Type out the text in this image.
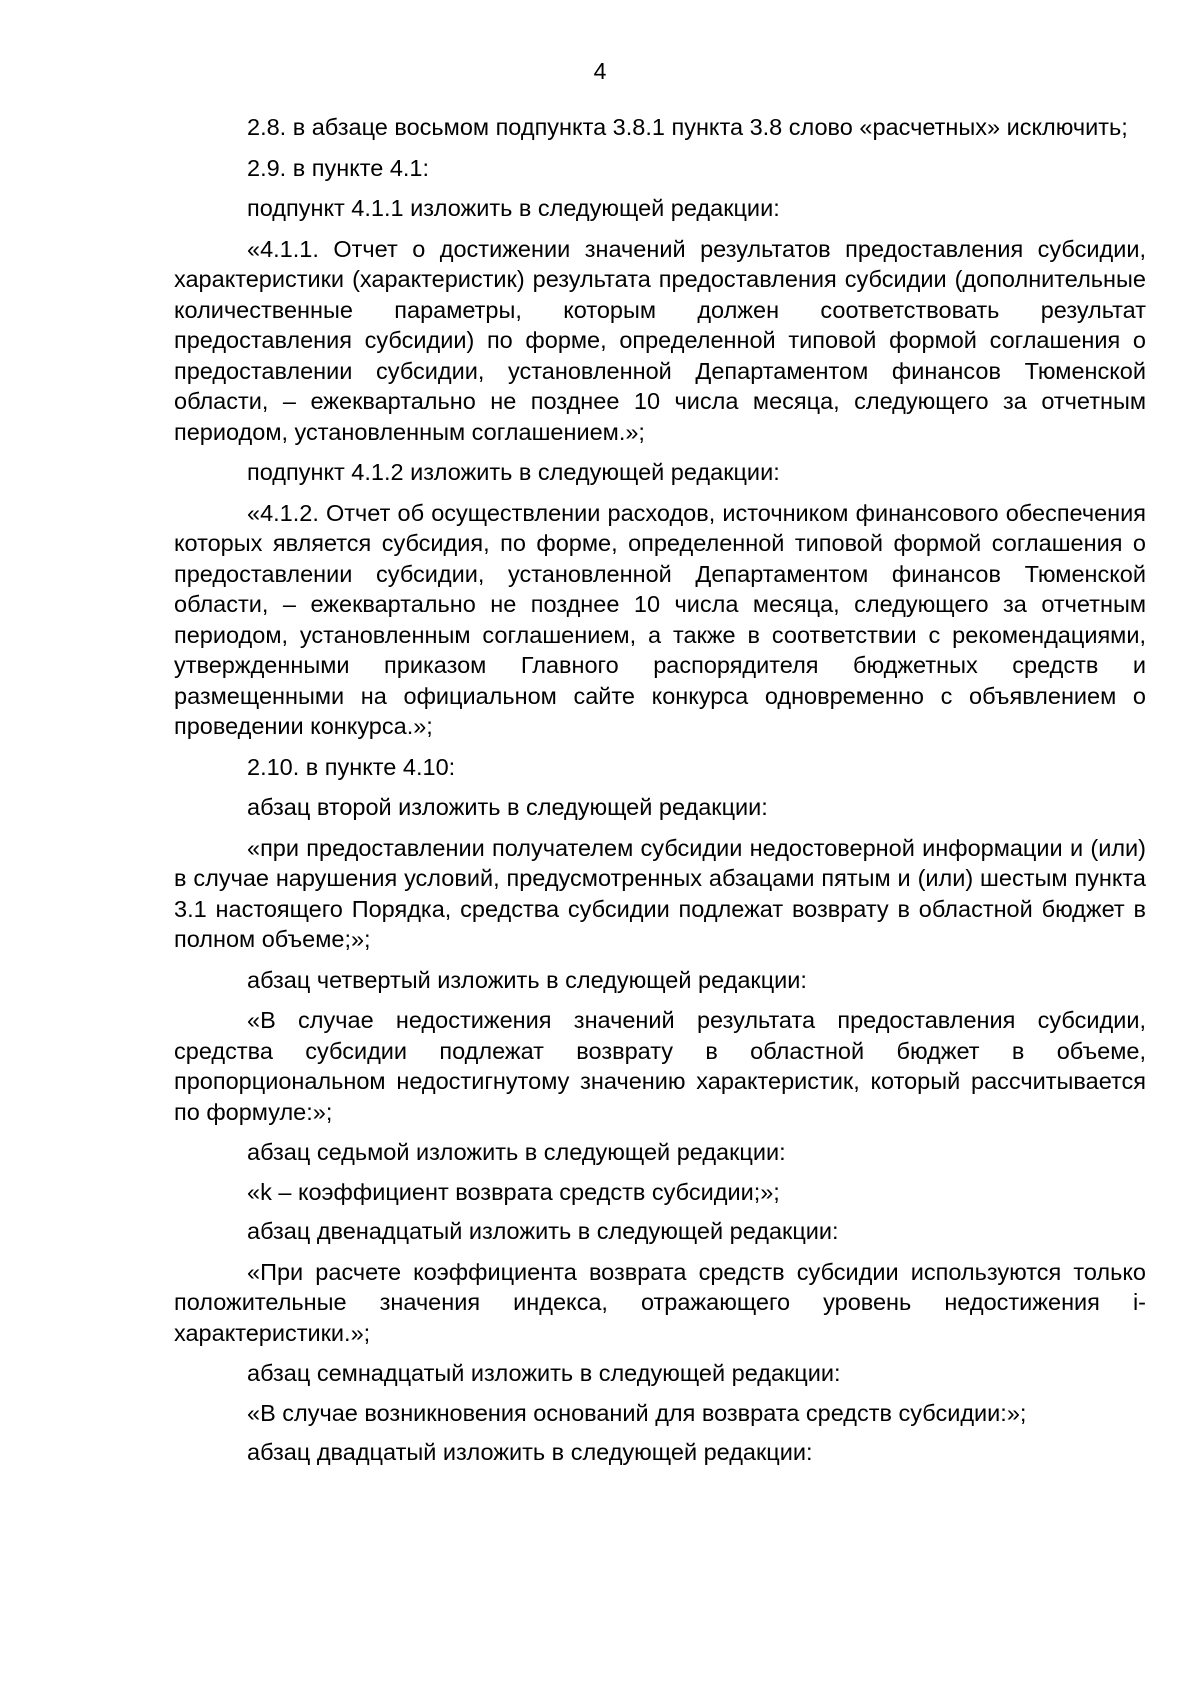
4

2.8. в абзаце восьмом подпункта 3.8.1 пункта 3.8 слово «расчетных» исключить;

2.9. в пункте 4.1:

подпункт 4.1.1 изложить в следующей редакции:

«4.1.1. Отчет о достижении значений результатов предоставления субсидии, характеристики (характеристик) результата предоставления субсидии (дополнительные количественные параметры, которым должен соответствовать результат предоставления субсидии) по форме, определенной типовой формой соглашения о предоставлении субсидии, установленной Департаментом финансов Тюменской области, – ежеквартально не позднее 10 числа месяца, следующего за отчетным периодом, установленным соглашением.»;

подпункт 4.1.2 изложить в следующей редакции:

«4.1.2. Отчет об осуществлении расходов, источником финансового обеспечения которых является субсидия, по форме, определенной типовой формой соглашения о предоставлении субсидии, установленной Департаментом финансов Тюменской области, – ежеквартально не позднее 10 числа месяца, следующего за отчетным периодом, установленным соглашением, а также в соответствии с рекомендациями, утвержденными приказом Главного распорядителя бюджетных средств и размещенными на официальном сайте конкурса одновременно с объявлением о проведении конкурса.»;

2.10. в пункте 4.10:

абзац второй изложить в следующей редакции:

«при предоставлении получателем субсидии недостоверной информации и (или) в случае нарушения условий, предусмотренных абзацами пятым и (или) шестым пункта 3.1 настоящего Порядка, средства субсидии подлежат возврату в областной бюджет в полном объеме;»;

абзац четвертый изложить в следующей редакции:

«В случае недостижения значений результата предоставления субсидии, средства субсидии подлежат возврату в областной бюджет в объеме, пропорциональном недостигнутому значению характеристик, который рассчитывается по формуле:»;

абзац седьмой изложить в следующей редакции:

«k – коэффициент возврата средств субсидии;»;

абзац двенадцатый изложить в следующей редакции:

«При расчете коэффициента возврата средств субсидии используются только положительные значения индекса, отражающего уровень недостижения i-характеристики.»;

абзац семнадцатый изложить в следующей редакции:

«В случае возникновения оснований для возврата средств субсидии:»;

абзац двадцатый изложить в следующей редакции:
